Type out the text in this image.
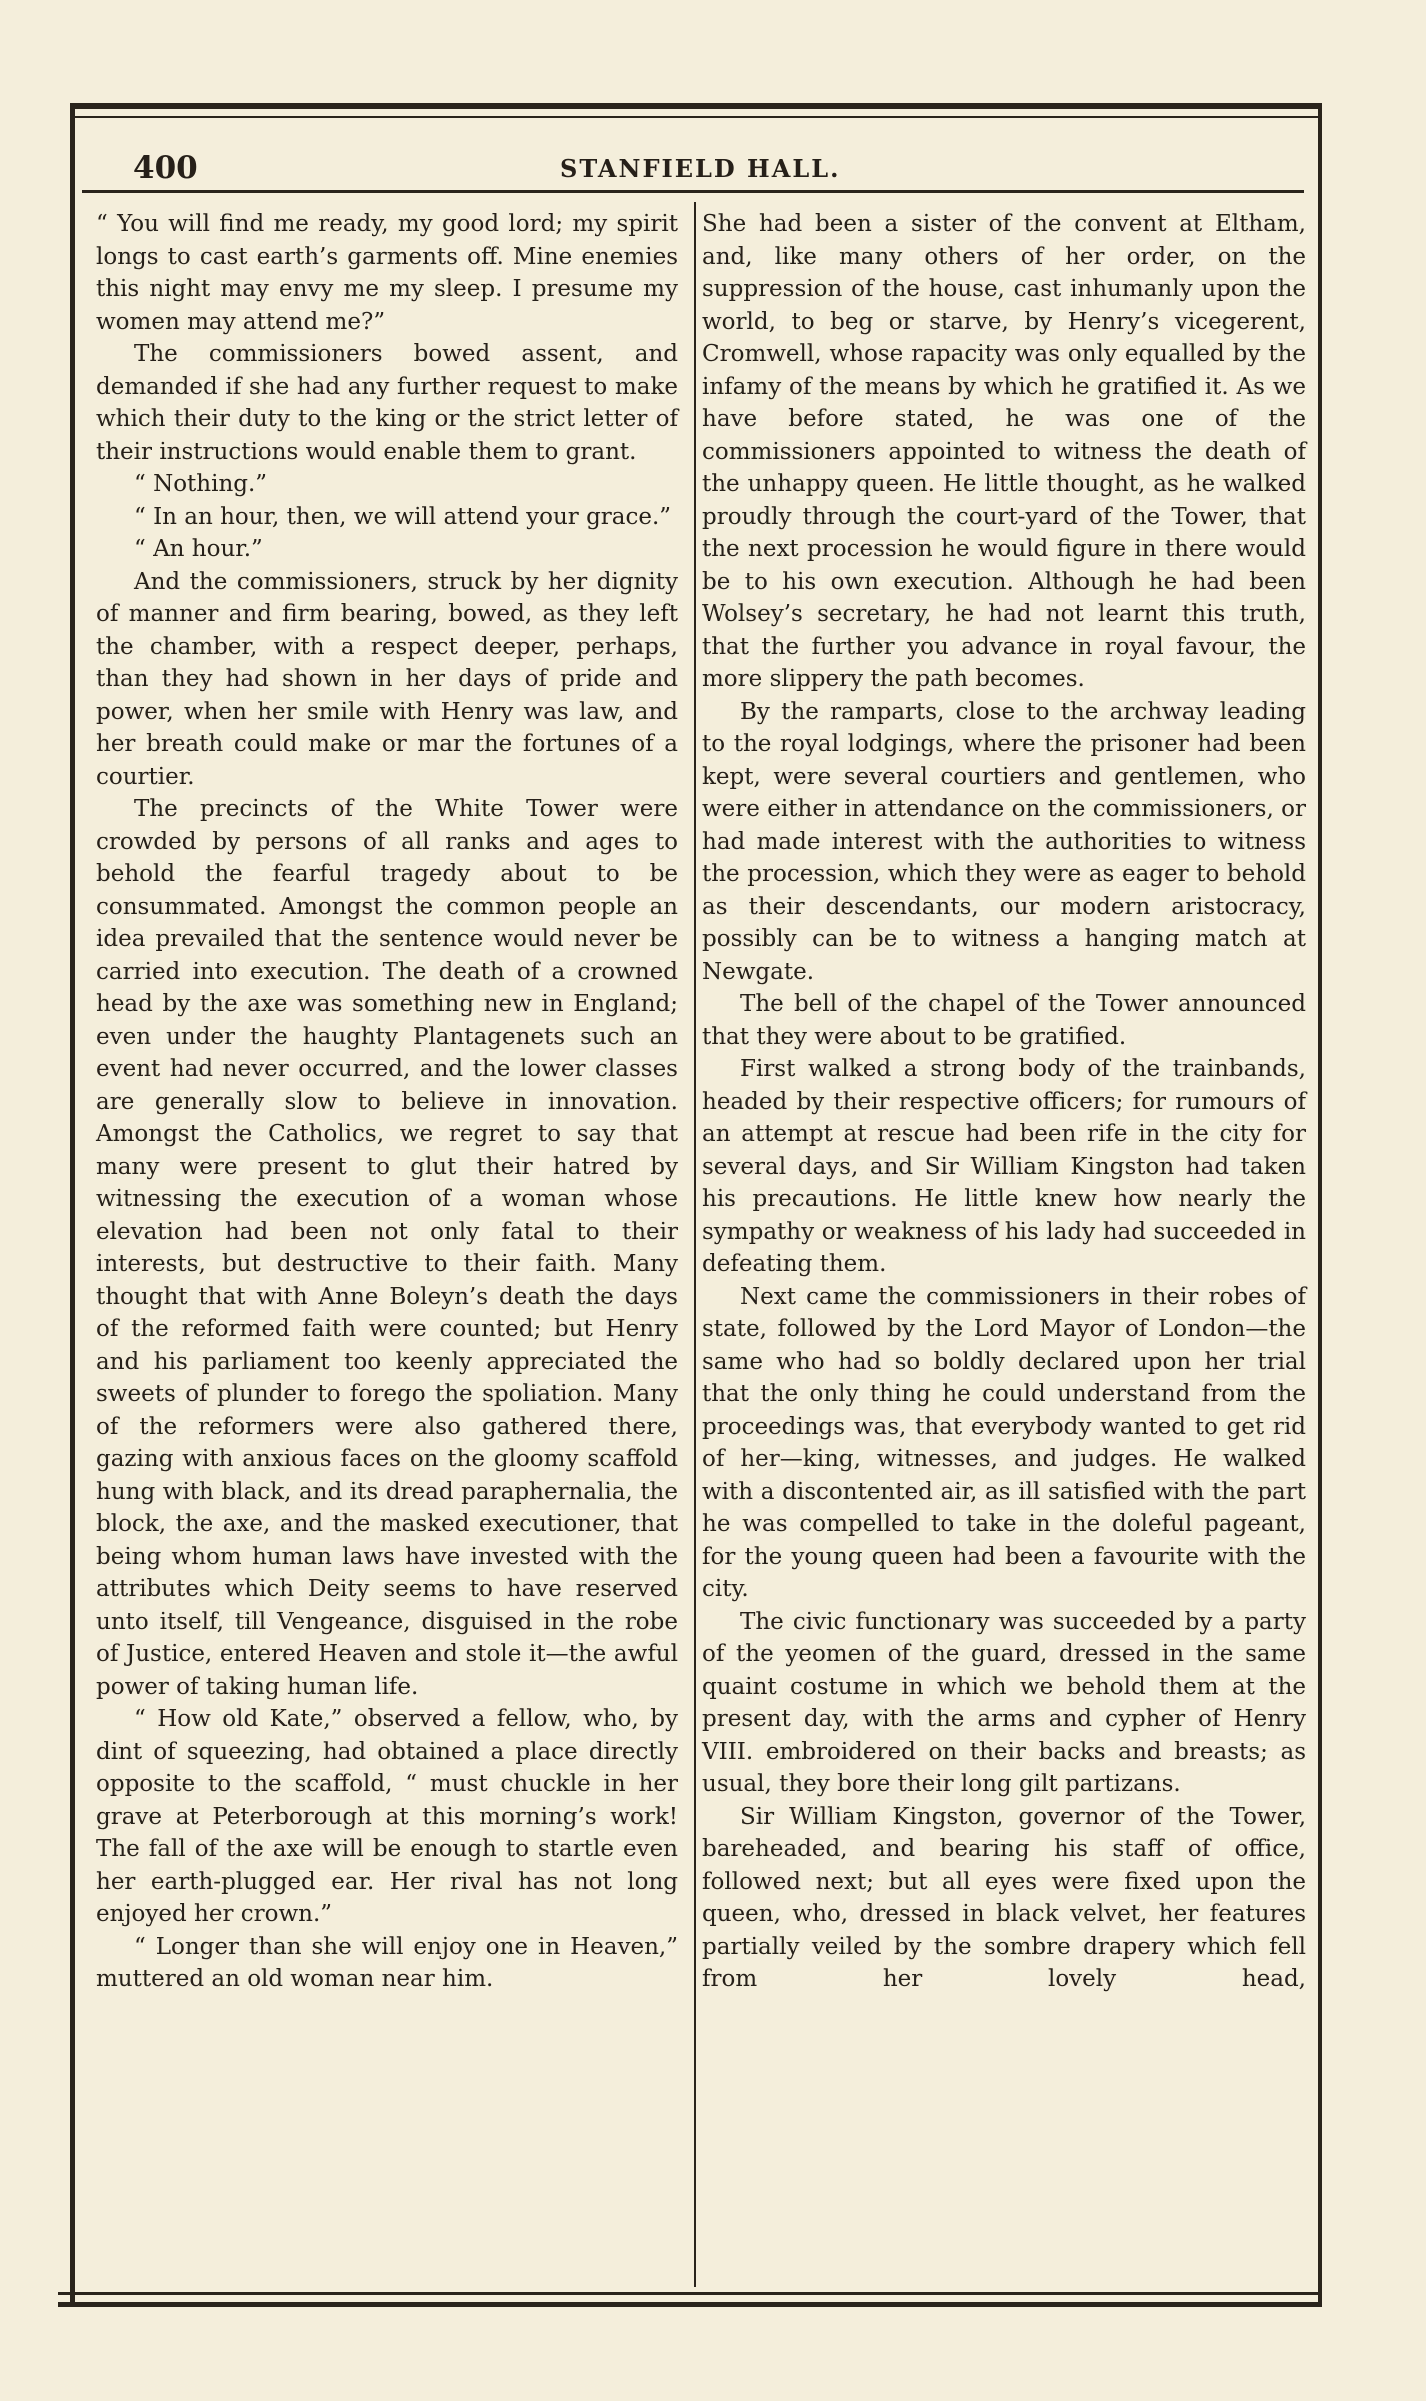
400	STANFIELD HALL.

“ You will find me ready, my good lord; my spirit longs to cast earth’s garments off. Mine enemies this night may envy me my sleep. I presume my women may attend me?”

The commissioners bowed assent, and demanded if she had any further request to make which their duty to the king or the strict letter of their instructions would enable them to grant.

“ Nothing.”

“ In an hour, then, we will attend your grace.”

“ An hour.”

And the commissioners, struck by her dignity of manner and firm bearing, bowed, as they left the chamber, with a respect deeper, perhaps, than they had shown in her days of pride and power, when her smile with Henry was law, and her breath could make or mar the fortunes of a courtier.

The precincts of the White Tower were crowded by persons of all ranks and ages to behold the fearful tragedy about to be consummated. Amongst the common people an idea prevailed that the sentence would never be carried into execution. The death of a crowned head by the axe was something new in England; even under the haughty Plantagenets such an event had never occurred, and the lower classes are generally slow to believe in innovation. Amongst the Catholics, we regret to say that many were present to glut their hatred by witnessing the execution of a woman whose elevation had been not only fatal to their interests, but destructive to their faith. Many thought that with Anne Boleyn’s death the days of the reformed faith were counted; but Henry and his parliament too keenly appreciated the sweets of plunder to forego the spoliation. Many of the reformers were also gathered there, gazing with anxious faces on the gloomy scaffold hung with black, and its dread paraphernalia, the block, the axe, and the masked executioner, that being whom human laws have invested with the attributes which Deity seems to have reserved unto itself, till Vengeance, disguised in the robe of Justice, entered Heaven and stole it—the awful power of taking human life.

“ How old Kate,” observed a fellow, who, by dint of squeezing, had obtained a place directly opposite to the scaffold, “ must chuckle in her grave at Peterborough at this morning’s work! The fall of the axe will be enough to startle even her earth-plugged ear. Her rival has not long enjoyed her crown.”

“ Longer than she will enjoy one in Heaven,” muttered an old woman near him.

She had been a sister of the convent at Eltham, and, like many others of her order, on the suppression of the house, cast inhumanly upon the world, to beg or starve, by Henry’s vicegerent, Cromwell, whose rapacity was only equalled by the infamy of the means by which he gratified it. As we have before stated, he was one of the commissioners appointed to witness the death of the unhappy queen. He little thought, as he walked proudly through the court-yard of the Tower, that the next procession he would figure in there would be to his own execution. Although he had been Wolsey’s secretary, he had not learnt this truth, that the further you advance in royal favour, the more slippery the path becomes.

By the ramparts, close to the archway leading to the royal lodgings, where the prisoner had been kept, were several courtiers and gentlemen, who were either in attendance on the commissioners, or had made interest with the authorities to witness the procession, which they were as eager to behold as their descendants, our modern aristocracy, possibly can be to witness a hanging match at Newgate.

The bell of the chapel of the Tower announced that they were about to be gratified.

First walked a strong body of the trainbands, headed by their respective officers; for rumours of an attempt at rescue had been rife in the city for several days, and Sir William Kingston had taken his precautions. He little knew how nearly the sympathy or weakness of his lady had succeeded in defeating them.

Next came the commissioners in their robes of state, followed by the Lord Mayor of London—the same who had so boldly declared upon her trial that the only thing he could understand from the proceedings was, that everybody wanted to get rid of her—king, witnesses, and judges. He walked with a discontented air, as ill satisfied with the part he was compelled to take in the doleful pageant, for the young queen had been a favourite with the city.

The civic functionary was succeeded by a party of the yeomen of the guard, dressed in the same quaint costume in which we behold them at the present day, with the arms and cypher of Henry VIII. embroidered on their backs and breasts; as usual, they bore their long gilt partizans.

Sir William Kingston, governor of the Tower, bareheaded, and bearing his staff of office, followed next; but all eyes were fixed upon the queen, who, dressed in black velvet, her features partially veiled by the sombre drapery which fell from her lovely head,
